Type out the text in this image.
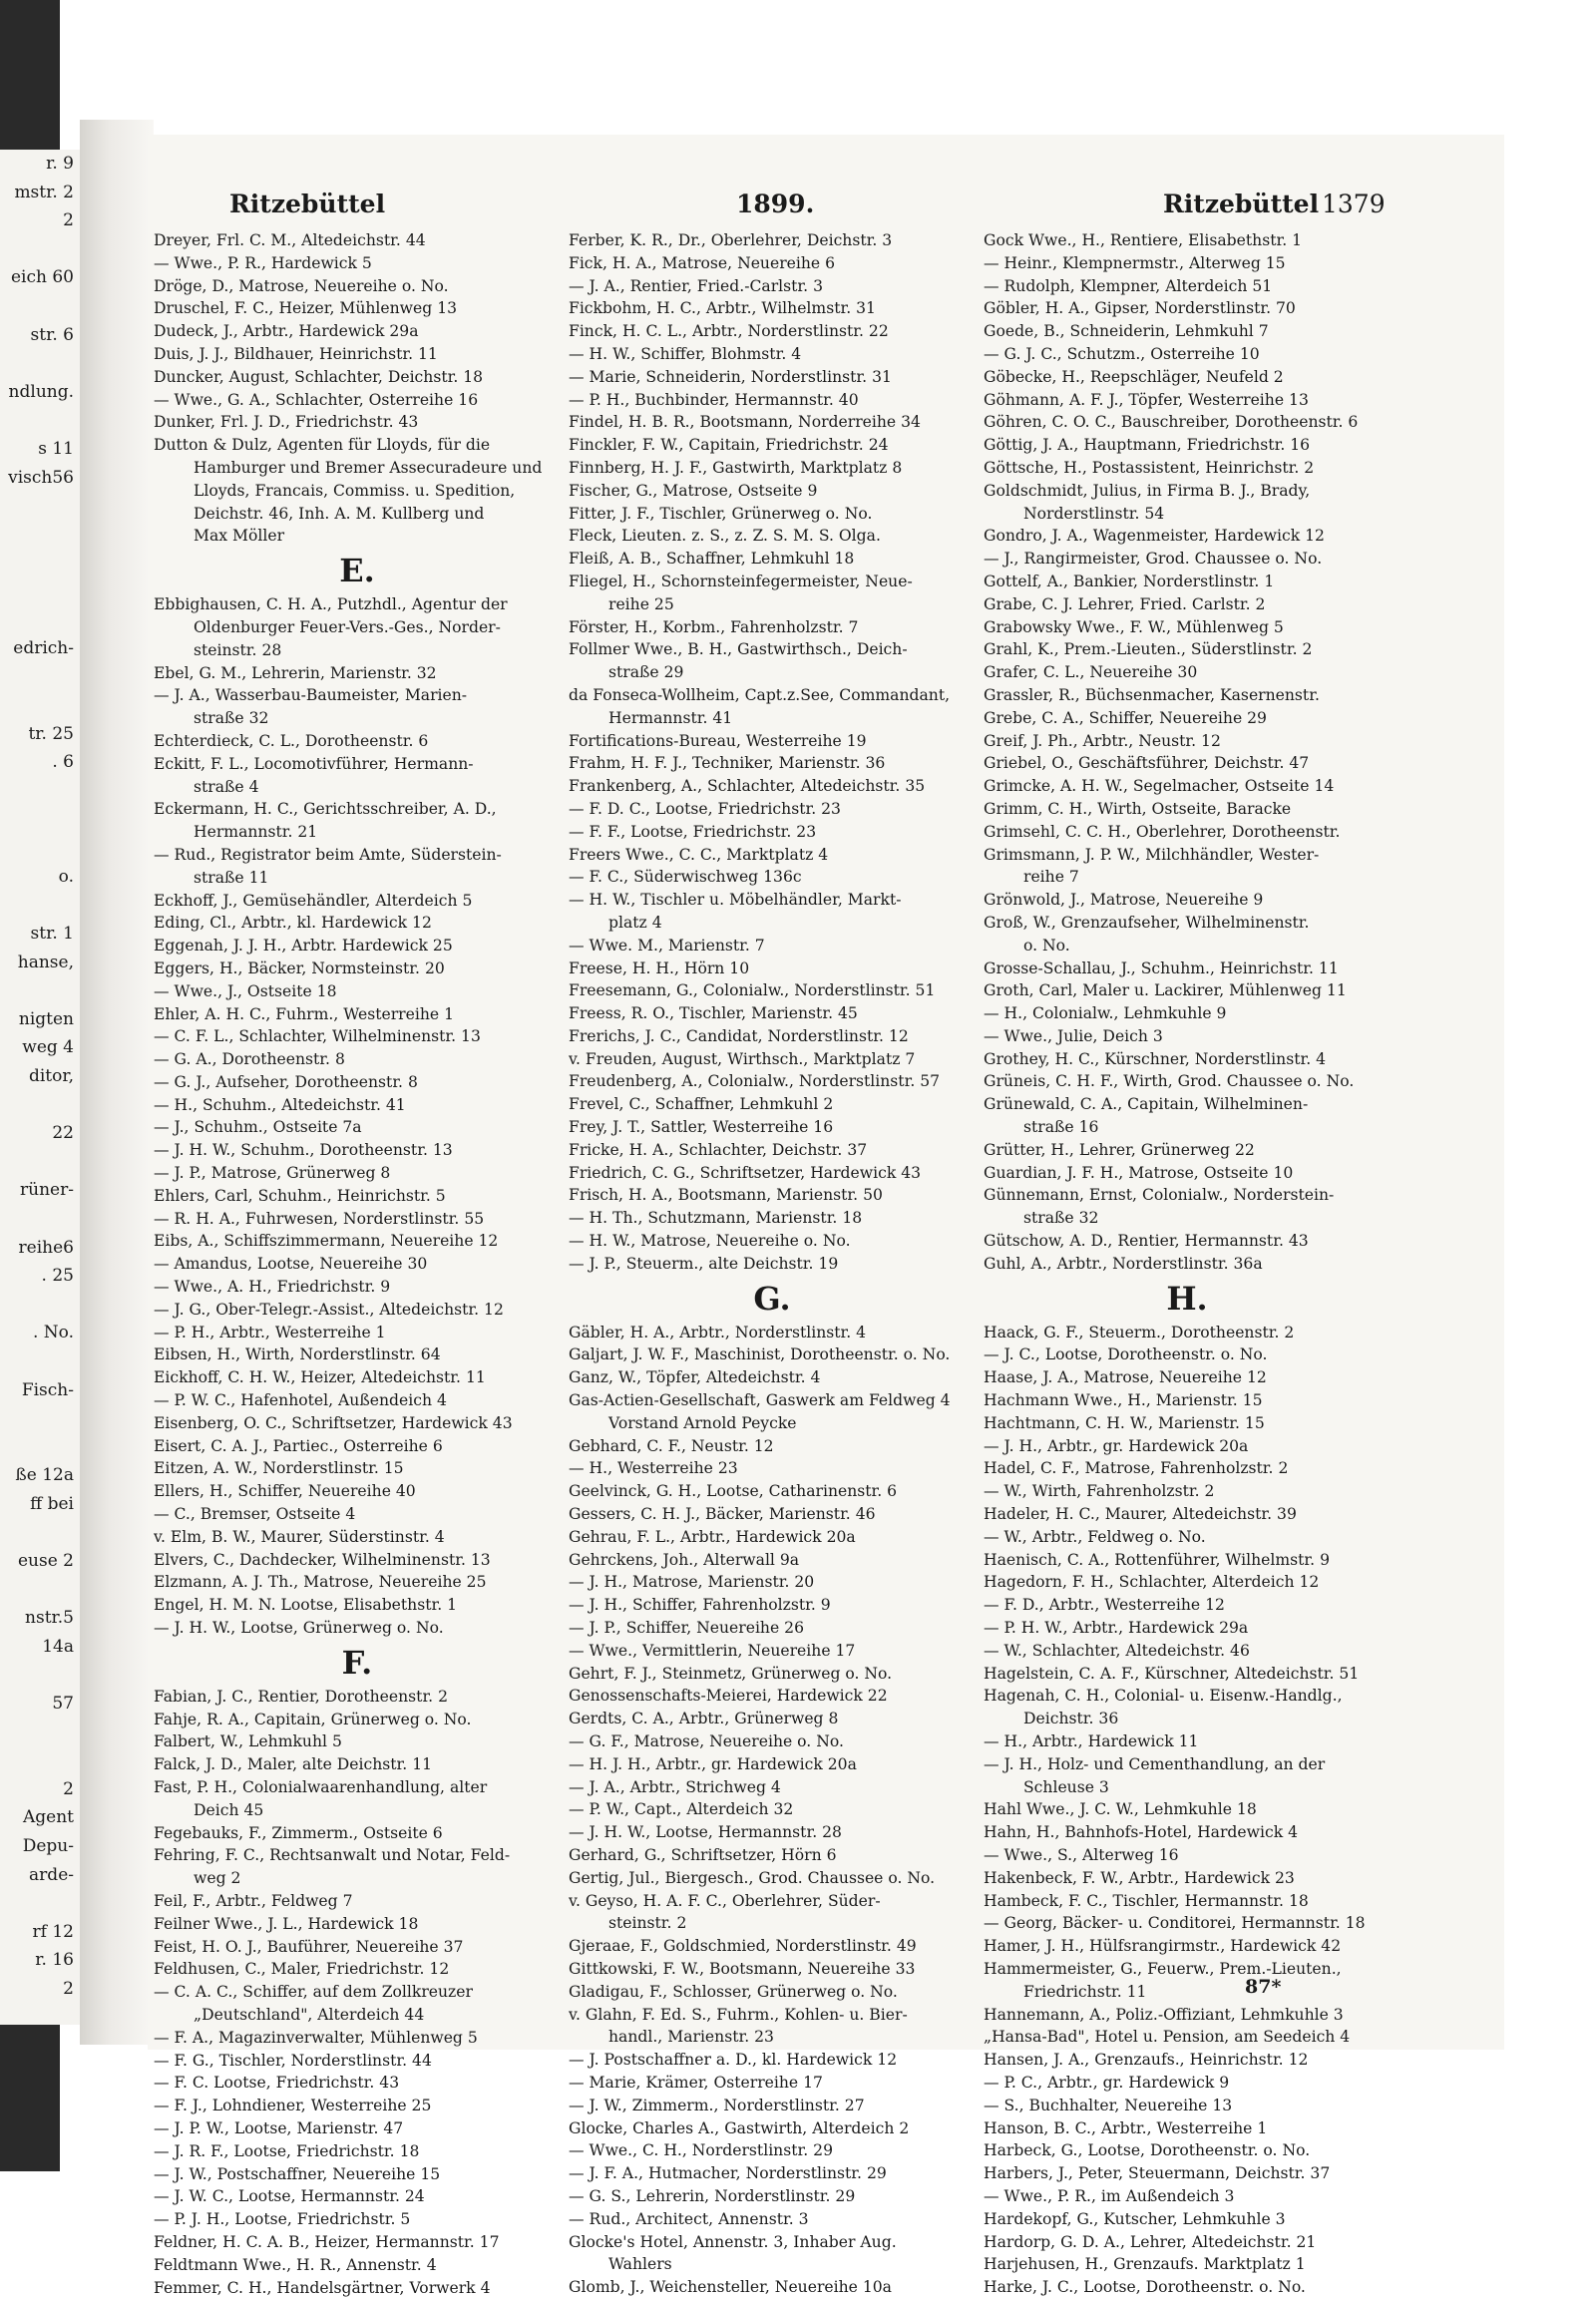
r. 9
mstr. 2
2
eich 60
str. 6
ndlung.
s 11
visch56
edrich-
tr. 25
. 6
o.
str. 1
hanse,
nigten
weg 4
ditor,
22
rüner-
reihe6
. 25
. No.
Fisch-
ße 12a
ff bei
euse 2
nstr.5
14a
57
2
Agent
Depu-
arde-
rf 12
r. 16
2
Ritzebüttel	1899.	Ritzebüttel 1379
Dreyer, Frl. C. M., Altedeichstr. 44
— Wwe., P. R., Hardewick 5
Dröge, D., Matrose, Neuereihe o. No.
Druschel, F. C., Heizer, Mühlenweg 13
Dudeck, J., Arbtr., Hardewick 29a
Duis, J. J., Bildhauer, Heinrichstr. 11
Duncker, August, Schlachter, Deichstr. 18
— Wwe., G. A., Schlachter, Osterreihe 16
Dunker, Frl. J. D., Friedrichstr. 43
Dutton & Dulz, Agenten für Lloyds, für die
Hamburger und Bremer Assecuradeure und
Lloyds, Francais, Commiss. u. Spedition,
Deichstr. 46, Inh. A. M. Kullberg und
Max Möller
E.
Ebbighausen, C. H. A., Putzhdl., Agentur der
Oldenburger Feuer-Vers.-Ges., Norder-
steinstr. 28
Ebel, G. M., Lehrerin, Marienstr. 32
— J. A., Wasserbau-Baumeister, Marien-
straße 32
Echterdieck, C. L., Dorotheenstr. 6
Eckitt, F. L., Locomotivführer, Hermann-
straße 4
Eckermann, H. C., Gerichtsschreiber, A. D.,
Hermannstr. 21
— Rud., Registrator beim Amte, Süderstein-
straße 11
Eckhoff, J., Gemüsehändler, Alterdeich 5
Eding, Cl., Arbtr., kl. Hardewick 12
Eggenah, J. J. H., Arbtr. Hardewick 25
Eggers, H., Bäcker, Normsteinstr. 20
— Wwe., J., Ostseite 18
Ehler, A. H. C., Fuhrm., Westerreihe 1
— C. F. L., Schlachter, Wilhelminenstr. 13
— G. A., Dorotheenstr. 8
— G. J., Aufseher, Dorotheenstr. 8
— H., Schuhm., Altedeichstr. 41
— J., Schuhm., Ostseite 7a
— J. H. W., Schuhm., Dorotheenstr. 13
— J. P., Matrose, Grünerweg 8
Ehlers, Carl, Schuhm., Heinrichstr. 5
— R. H. A., Fuhrwesen, Norderstlinstr. 55
Eibs, A., Schiffszimmermann, Neuereihe 12
— Amandus, Lootse, Neuereihe 30
— Wwe., A. H., Friedrichstr. 9
— J. G., Ober-Telegr.-Assist., Altedeichstr. 12
— P. H., Arbtr., Westerreihe 1
Eibsen, H., Wirth, Norderstlinstr. 64
Eickhoff, C. H. W., Heizer, Altedeichstr. 11
— P. W. C., Hafenhotel, Außendeich 4
Eisenberg, O. C., Schriftsetzer, Hardewick 43
Eisert, C. A. J., Partiec., Osterreihe 6
Eitzen, A. W., Norderstlinstr. 15
Ellers, H., Schiffer, Neuereihe 40
— C., Bremser, Ostseite 4
v. Elm, B. W., Maurer, Süderstinstr. 4
Elvers, C., Dachdecker, Wilhelminenstr. 13
Elzmann, A. J. Th., Matrose, Neuereihe 25
Engel, H. M. N. Lootse, Elisabethstr. 1
— J. H. W., Lootse, Grünerweg o. No.
F.
Fabian, J. C., Rentier, Dorotheenstr. 2
Fahje, R. A., Capitain, Grünerweg o. No.
Falbert, W., Lehmkuhl 5
Falck, J. D., Maler, alte Deichstr. 11
Fast, P. H., Colonialwaarenhandlung, alter
Deich 45
Fegebauks, F., Zimmerm., Ostseite 6
Fehring, F. C., Rechtsanwalt und Notar, Feld-
weg 2
Feil, F., Arbtr., Feldweg 7
Feilner Wwe., J. L., Hardewick 18
Feist, H. O. J., Bauführer, Neuereihe 37
Feldhusen, C., Maler, Friedrichstr. 12
— C. A. C., Schiffer, auf dem Zollkreuzer
„Deutschland", Alterdeich 44
— F. A., Magazinverwalter, Mühlenweg 5
— F. G., Tischler, Norderstlinstr. 44
— F. C. Lootse, Friedrichstr. 43
— F. J., Lohndiener, Westerreihe 25
— J. P. W., Lootse, Marienstr. 47
— J. R. F., Lootse, Friedrichstr. 18
— J. W., Postschaffner, Neuereihe 15
— J. W. C., Lootse, Hermannstr. 24
— P. J. H., Lootse, Friedrichstr. 5
Feldner, H. C. A. B., Heizer, Hermannstr. 17
Feldtmann Wwe., H. R., Annenstr. 4
Femmer, C. H., Handelsgärtner, Vorwerk 4
Ferber, K. R., Dr., Oberlehrer, Deichstr. 3
Fick, H. A., Matrose, Neuereihe 6
— J. A., Rentier, Fried.-Carlstr. 3
Fickbohm, H. C., Arbtr., Wilhelmstr. 31
Finck, H. C. L., Arbtr., Norderstlinstr. 22
— H. W., Schiffer, Blohmstr. 4
— Marie, Schneiderin, Norderstlinstr. 31
— P. H., Buchbinder, Hermannstr. 40
Findel, H. B. R., Bootsmann, Norderreihe 34
Finckler, F. W., Capitain, Friedrichstr. 24
Finnberg, H. J. F., Gastwirth, Marktplatz 8
Fischer, G., Matrose, Ostseite 9
Fitter, J. F., Tischler, Grünerweg o. No.
Fleck, Lieuten. z. S., z. Z. S. M. S. Olga.
Fleiß, A. B., Schaffner, Lehmkuhl 18
Fliegel, H., Schornsteinfegermeister, Neue-
reihe 25
Förster, H., Korbm., Fahrenholzstr. 7
Follmer Wwe., B. H., Gastwirthsch., Deich-
straße 29
da Fonseca-Wollheim, Capt.z.See, Commandant,
Hermannstr. 41
Fortifications-Bureau, Westerreihe 19
Frahm, H. F. J., Techniker, Marienstr. 36
Frankenberg, A., Schlachter, Altedeichstr. 35
— F. D. C., Lootse, Friedrichstr. 23
— F. F., Lootse, Friedrichstr. 23
Freers Wwe., C. C., Marktplatz 4
— F. C., Süderwischweg 136c
— H. W., Tischler u. Möbelhändler, Markt-
platz 4
— Wwe. M., Marienstr. 7
Freese, H. H., Hörn 10
Freesemann, G., Colonialw., Norderstlinstr. 51
Freess, R. O., Tischler, Marienstr. 45
Frerichs, J. C., Candidat, Norderstlinstr. 12
v. Freuden, August, Wirthsch., Marktplatz 7
Freudenberg, A., Colonialw., Norderstlinstr. 57
Frevel, C., Schaffner, Lehmkuhl 2
Frey, J. T., Sattler, Westerreihe 16
Fricke, H. A., Schlachter, Deichstr. 37
Friedrich, C. G., Schriftsetzer, Hardewick 43
Frisch, H. A., Bootsmann, Marienstr. 50
— H. Th., Schutzmann, Marienstr. 18
— H. W., Matrose, Neuereihe o. No.
— J. P., Steuerm., alte Deichstr. 19
G.
Gäbler, H. A., Arbtr., Norderstlinstr. 4
Galjart, J. W. F., Maschinist, Dorotheenstr. o. No.
Ganz, W., Töpfer, Altedeichstr. 4
Gas-Actien-Gesellschaft, Gaswerk am Feldweg 4
Vorstand Arnold Peycke
Gebhard, C. F., Neustr. 12
— H., Westerreihe 23
Geelvinck, G. H., Lootse, Catharinenstr. 6
Gessers, C. H. J., Bäcker, Marienstr. 46
Gehrau, F. L., Arbtr., Hardewick 20a
Gehrckens, Joh., Alterwall 9a
— J. H., Matrose, Marienstr. 20
— J. H., Schiffer, Fahrenholzstr. 9
— J. P., Schiffer, Neuereihe 26
— Wwe., Vermittlerin, Neuereihe 17
Gehrt, F. J., Steinmetz, Grünerweg o. No.
Genossenschafts-Meierei, Hardewick 22
Gerdts, C. A., Arbtr., Grünerweg 8
— G. F., Matrose, Neuereihe o. No.
— H. J. H., Arbtr., gr. Hardewick 20a
— J. A., Arbtr., Strichweg 4
— P. W., Capt., Alterdeich 32
— J. H. W., Lootse, Hermannstr. 28
Gerhard, G., Schriftsetzer, Hörn 6
Gertig, Jul., Biergesch., Grod. Chaussee o. No.
v. Geyso, H. A. F. C., Oberlehrer, Süder-
steinstr. 2
Gjeraae, F., Goldschmied, Norderstlinstr. 49
Gittkowski, F. W., Bootsmann, Neuereihe 33
Gladigau, F., Schlosser, Grünerweg o. No.
v. Glahn, F. Ed. S., Fuhrm., Kohlen- u. Bier-
handl., Marienstr. 23
— J. Postschaffner a. D., kl. Hardewick 12
— Marie, Krämer, Osterreihe 17
— J. W., Zimmerm., Norderstlinstr. 27
Glocke, Charles A., Gastwirth, Alterdeich 2
— Wwe., C. H., Norderstlinstr. 29
— J. F. A., Hutmacher, Norderstlinstr. 29
— G. S., Lehrerin, Norderstlinstr. 29
— Rud., Architect, Annenstr. 3
Glocke's Hotel, Annenstr. 3, Inhaber Aug.
Wahlers
Glomb, J., Weichensteller, Neuereihe 10a
Gock Wwe., H., Rentiere, Elisabethstr. 1
— Heinr., Klempnermstr., Alterweg 15
— Rudolph, Klempner, Alterdeich 51
Göbler, H. A., Gipser, Norderstlinstr. 70
Goede, B., Schneiderin, Lehmkuhl 7
— G. J. C., Schutzm., Osterreihe 10
Göbecke, H., Reepschläger, Neufeld 2
Göhmann, A. F. J., Töpfer, Westerreihe 13
Göhren, C. O. C., Bauschreiber, Dorotheenstr. 6
Göttig, J. A., Hauptmann, Friedrichstr. 16
Göttsche, H., Postassistent, Heinrichstr. 2
Goldschmidt, Julius, in Firma B. J., Brady,
Norderstlinstr. 54
Gondro, J. A., Wagenmeister, Hardewick 12
— J., Rangirmeister, Grod. Chaussee o. No.
Gottelf, A., Bankier, Norderstlinstr. 1
Grabe, C. J. Lehrer, Fried. Carlstr. 2
Grabowsky Wwe., F. W., Mühlenweg 5
Grahl, K., Prem.-Lieuten., Süderstlinstr. 2
Grafer, C. L., Neuereihe 30
Grassler, R., Büchsenmacher, Kasernenstr.
Grebe, C. A., Schiffer, Neuereihe 29
Greif, J. Ph., Arbtr., Neustr. 12
Griebel, O., Geschäftsführer, Deichstr. 47
Grimcke, A. H. W., Segelmacher, Ostseite 14
Grimm, C. H., Wirth, Ostseite, Baracke
Grimsehl, C. C. H., Oberlehrer, Dorotheenstr.
Grimsmann, J. P. W., Milchhändler, Wester-
reihe 7
Grönwold, J., Matrose, Neuereihe 9
Groß, W., Grenzaufseher, Wilhelminenstr.
o. No.
Grosse-Schallau, J., Schuhm., Heinrichstr. 11
Groth, Carl, Maler u. Lackirer, Mühlenweg 11
— H., Colonialw., Lehmkuhle 9
— Wwe., Julie, Deich 3
Grothey, H. C., Kürschner, Norderstlinstr. 4
Grüneis, C. H. F., Wirth, Grod. Chaussee o. No.
Grünewald, C. A., Capitain, Wilhelminen-
straße 16
Grütter, H., Lehrer, Grünerweg 22
Guardian, J. F. H., Matrose, Ostseite 10
Günnemann, Ernst, Colonialw., Norderstein-
straße 32
Gütschow, A. D., Rentier, Hermannstr. 43
Guhl, A., Arbtr., Norderstlinstr. 36a
H.
Haack, G. F., Steuerm., Dorotheenstr. 2
— J. C., Lootse, Dorotheenstr. o. No.
Haase, J. A., Matrose, Neuereihe 12
Hachmann Wwe., H., Marienstr. 15
Hachtmann, C. H. W., Marienstr. 15
— J. H., Arbtr., gr. Hardewick 20a
Hadel, C. F., Matrose, Fahrenholzstr. 2
— W., Wirth, Fahrenholzstr. 2
Hadeler, H. C., Maurer, Altedeichstr. 39
— W., Arbtr., Feldweg o. No.
Haenisch, C. A., Rottenführer, Wilhelmstr. 9
Hagedorn, F. H., Schlachter, Alterdeich 12
— F. D., Arbtr., Westerreihe 12
— P. H. W., Arbtr., Hardewick 29a
— W., Schlachter, Altedeichstr. 46
Hagelstein, C. A. F., Kürschner, Altedeichstr. 51
Hagenah, C. H., Colonial- u. Eisenw.-Handlg.,
Deichstr. 36
— H., Arbtr., Hardewick 11
— J. H., Holz- und Cementhandlung, an der
Schleuse 3
Hahl Wwe., J. C. W., Lehmkuhle 18
Hahn, H., Bahnhofs-Hotel, Hardewick 4
— Wwe., S., Alterweg 16
Hakenbeck, F. W., Arbtr., Hardewick 23
Hambeck, F. C., Tischler, Hermannstr. 18
— Georg, Bäcker- u. Conditorei, Hermannstr. 18
Hamer, J. H., Hülfsrangirmstr., Hardewick 42
Hammermeister, G., Feuerw., Prem.-Lieuten.,
Friedrichstr. 11
Hannemann, A., Poliz.-Offiziant, Lehmkuhle 3
„Hansa-Bad", Hotel u. Pension, am Seedeich 4
Hansen, J. A., Grenzaufs., Heinrichstr. 12
— P. C., Arbtr., gr. Hardewick 9
— S., Buchhalter, Neuereihe 13
Hanson, B. C., Arbtr., Westerreihe 1
Harbeck, G., Lootse, Dorotheenstr. o. No.
Harbers, J., Peter, Steuermann, Deichstr. 37
— Wwe., P. R., im Außendeich 3
Hardekopf, G., Kutscher, Lehmkuhle 3
Hardorp, G. D. A., Lehrer, Altedeichstr. 21
Harjehusen, H., Grenzaufs. Marktplatz 1
Harke, J. C., Lootse, Dorotheenstr. o. No.
87*
